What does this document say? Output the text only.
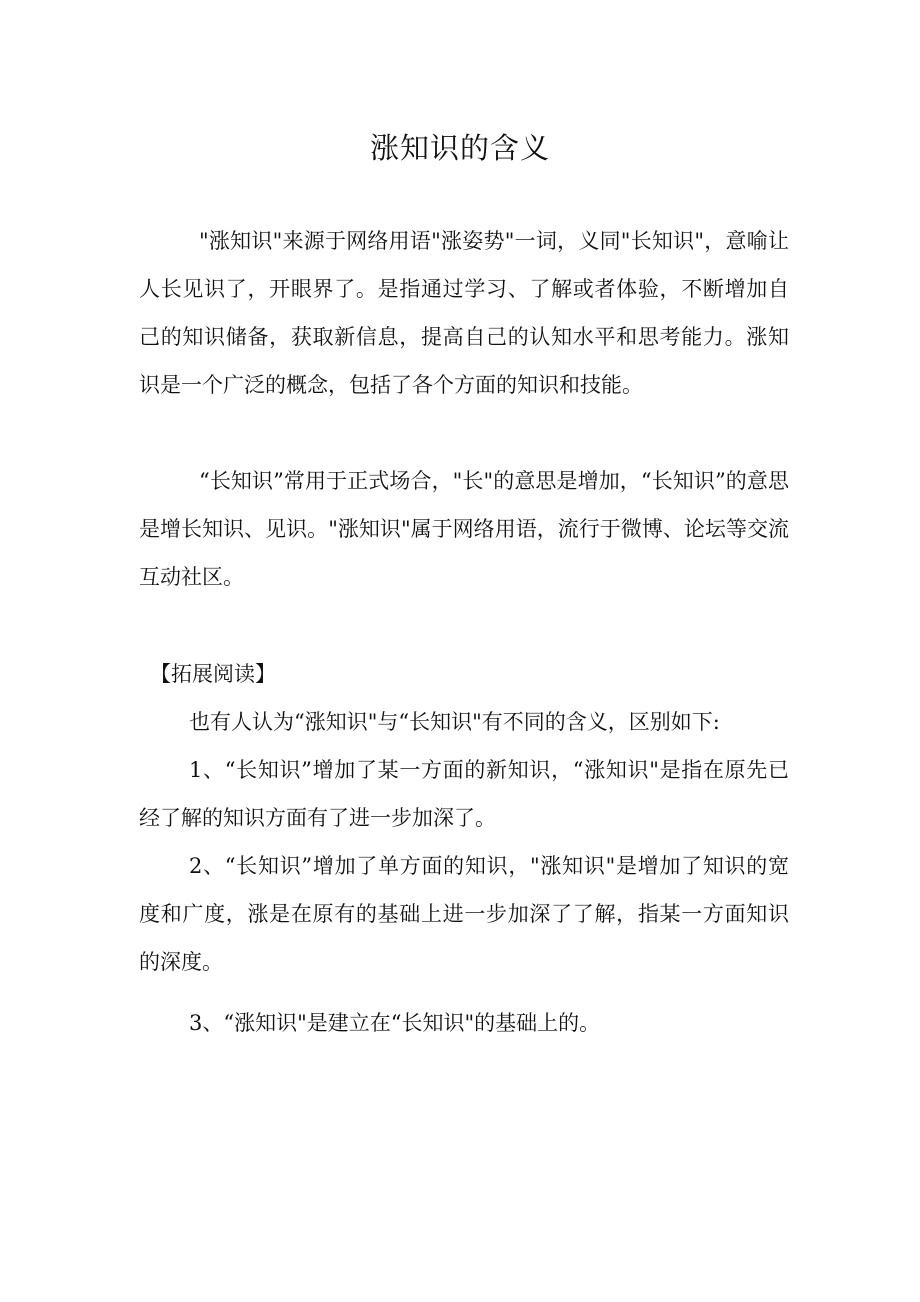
涨知识的含义
"涨知识"来源于网络用语"涨姿势"一词，义同"长知识"，意喻让人长见识了，开眼界了。是指通过学习、了解或者体验，不断增加自己的知识储备，获取新信息，提高自己的认知水平和思考能力。涨知识是一个广泛的概念，包括了各个方面的知识和技能。
“长知识”常用于正式场合，"长"的意思是增加，“长知识”的意思是增长知识、见识。"涨知识"属于网络用语，流行于微博、论坛等交流互动社区。
【拓展阅读】
也有人认为“涨知识"与“长知识"有不同的含义，区别如下:
1、“长知识”增加了某一方面的新知识，“涨知识"是指在原先已经了解的知识方面有了进一步加深了。
2、“长知识”增加了单方面的知识，"涨知识"是增加了知识的宽度和广度，涨是在原有的基础上进一步加深了了解，指某一方面知识的深度。
3、“涨知识"是建立在“长知识"的基础上的。
